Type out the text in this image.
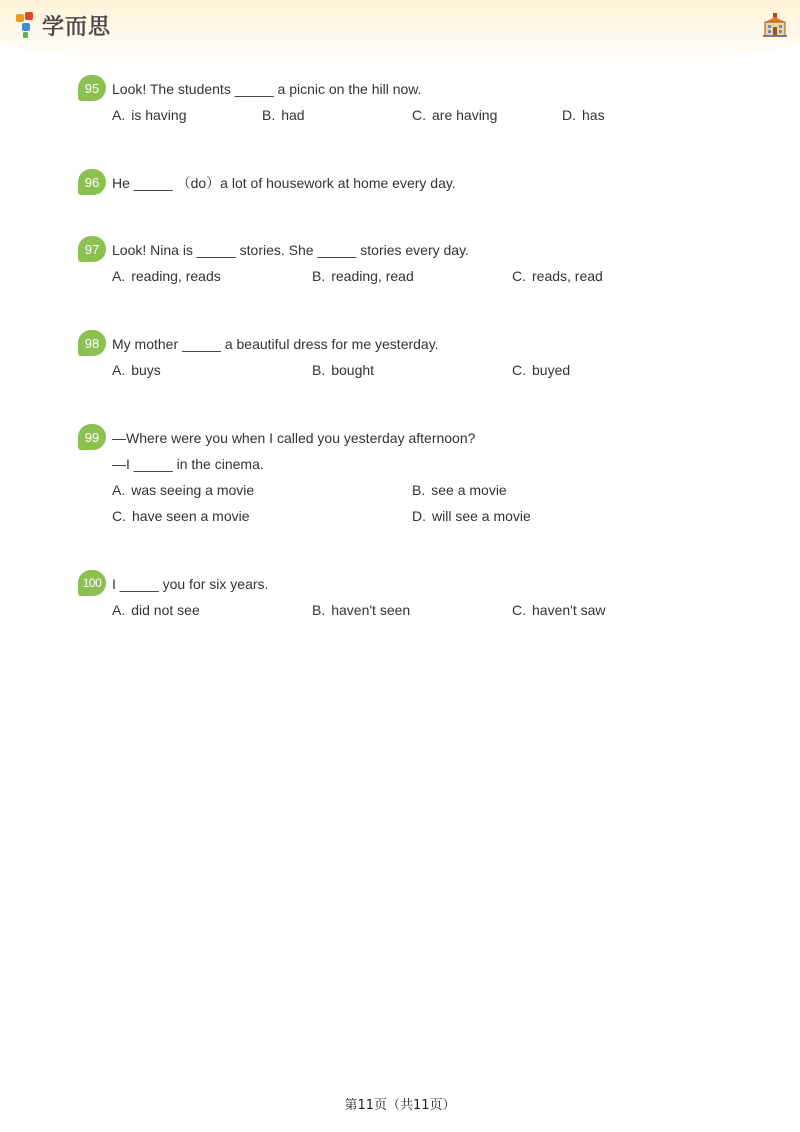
学而思
95 Look! The students _____ a picnic on the hill now.
A. is having	B. had	C. are having	D. has
96 He _____ （do）a lot of housework at home every day.
97 Look! Nina is _____ stories. She _____ stories every day.
A. reading, reads	B. reading, read	C. reads, read
98 My mother _____ a beautiful dress for me yesterday.
A. buys	B. bought	C. buyed
99 —Where were you when I called you yesterday afternoon?
—I _____ in the cinema.
A. was seeing a movie	B. see a movie
C. have seen a movie	D. will see a movie
100 I _____ you for six years.
A. did not see	B. haven't seen	C. haven't saw
第11页（共11页）
